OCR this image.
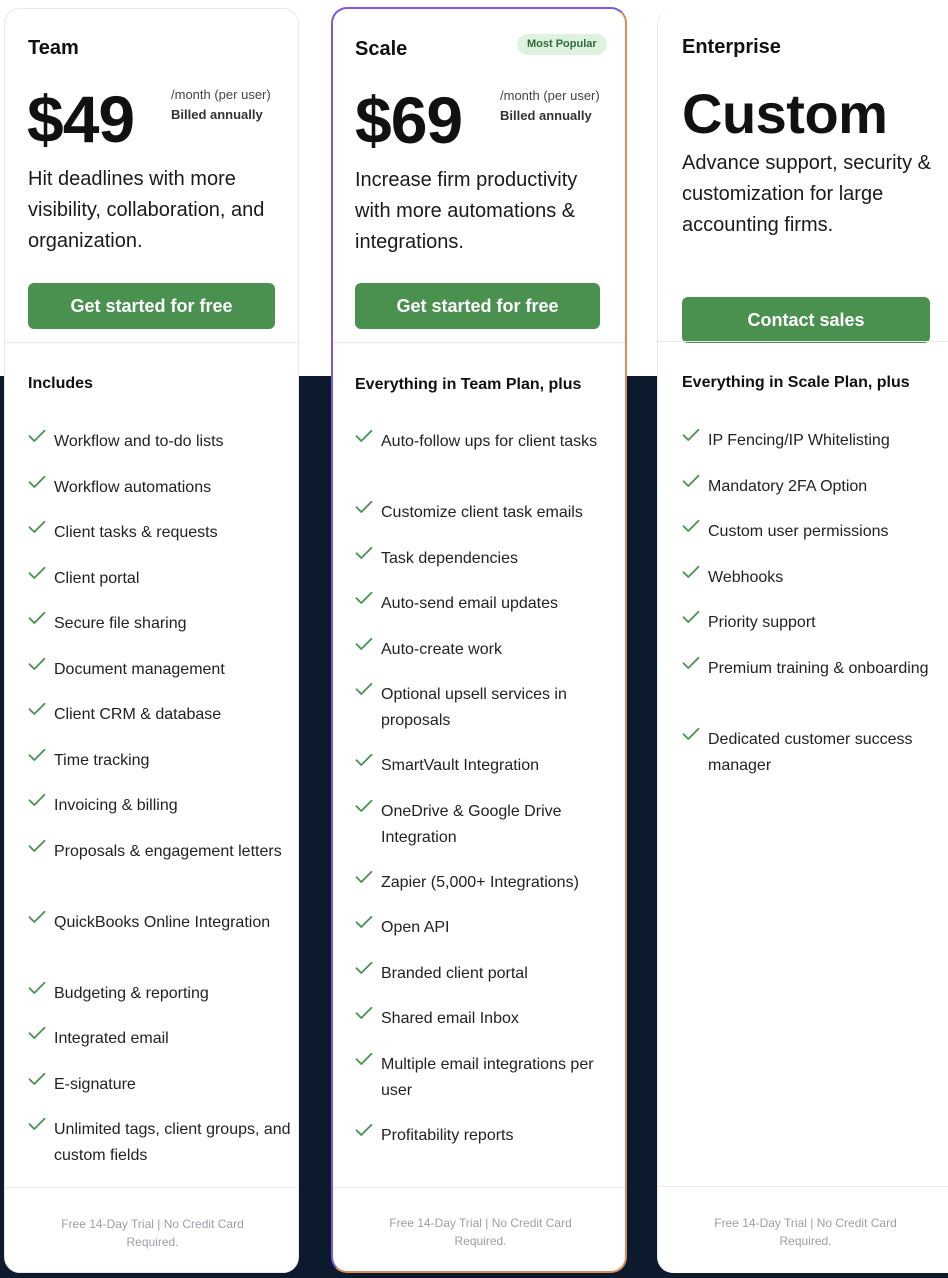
Team
$49	/month (per user)
Billed annually
Hit deadlines with more visibility, collaboration, and organization.
Get started for free
Includes
Workflow and to-do lists
Workflow automations
Client tasks & requests
Client portal
Secure file sharing
Document management
Client CRM & database
Time tracking
Invoicing & billing
Proposals & engagement letters
QuickBooks Online Integration
Budgeting & reporting
Integrated email
E-signature
Unlimited tags, client groups, and custom fields
Free 14-Day Trial | No Credit Card Required.
Scale	Most Popular
$69	/month (per user)
Billed annually
Increase firm productivity with more automations & integrations.
Get started for free
Everything in Team Plan, plus
Auto-follow ups for client tasks
Customize client task emails
Task dependencies
Auto-send email updates
Auto-create work
Optional upsell services in proposals
SmartVault Integration
OneDrive & Google Drive Integration
Zapier (5,000+ Integrations)
Open API
Branded client portal
Shared email Inbox
Multiple email integrations per user
Profitability reports
Free 14-Day Trial | No Credit Card Required.
Enterprise
Custom
Advance support, security & customization for large accounting firms.
Contact sales
Everything in Scale Plan, plus
IP Fencing/IP Whitelisting
Mandatory 2FA Option
Custom user permissions
Webhooks
Priority support
Premium training & onboarding
Dedicated customer success manager
Free 14-Day Trial | No Credit Card Required.
